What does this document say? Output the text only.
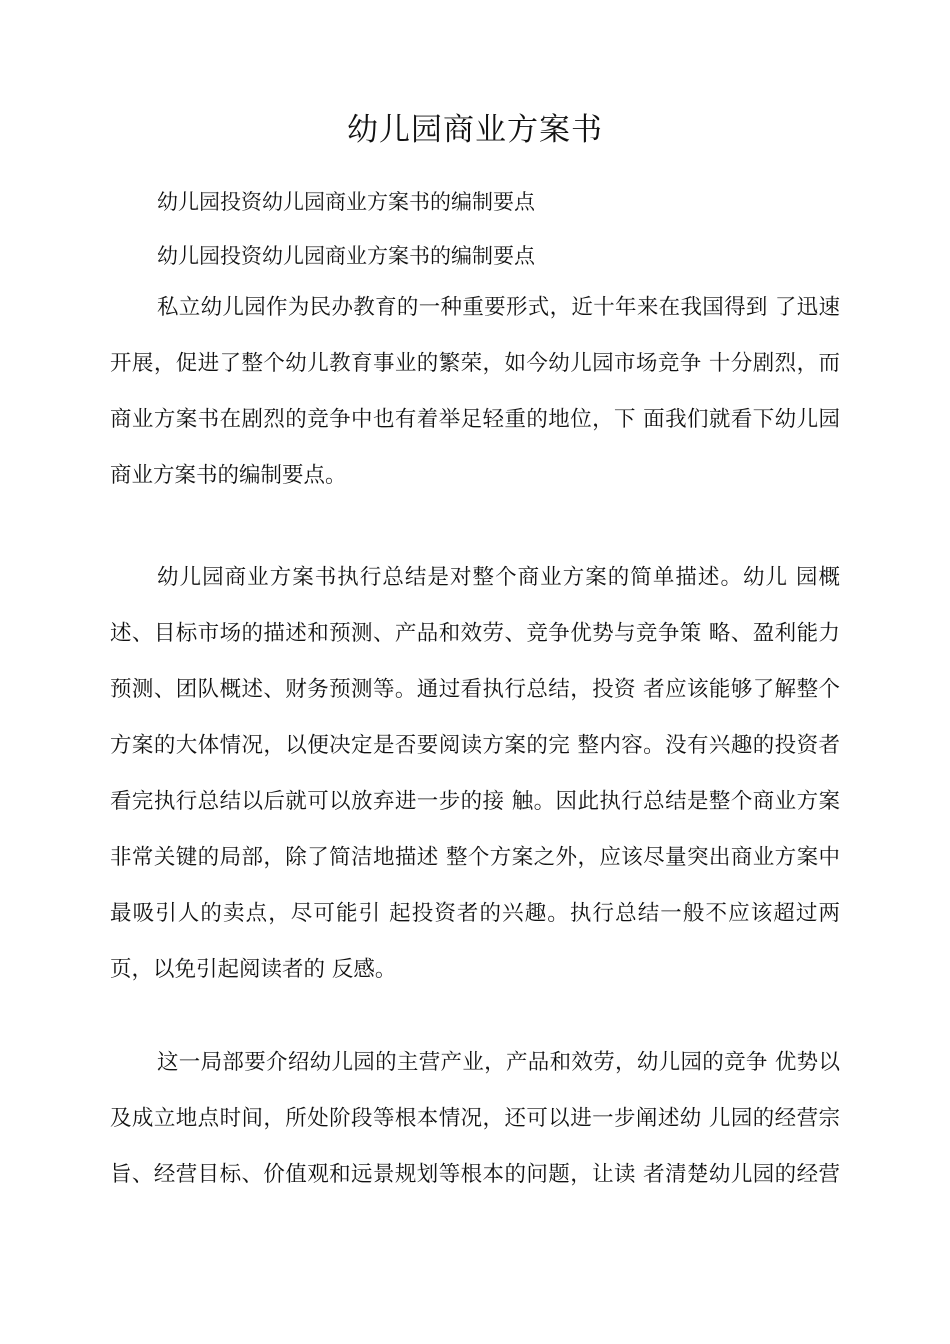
幼儿园商业方案书
幼儿园投资幼儿园商业方案书的编制要点
幼儿园投资幼儿园商业方案书的编制要点
私立幼儿园作为民办教育的一种重要形式，近十年来在我国得到 了迅速
开展，促进了整个幼儿教育事业的繁荣，如今幼儿园市场竞争 十分剧烈，而
商业方案书在剧烈的竞争中也有着举足轻重的地位，下 面我们就看下幼儿园
商业方案书的编制要点。
幼儿园商业方案书执行总结是对整个商业方案的简单描述。幼儿 园概
述、目标市场的描述和预测、产品和效劳、竞争优势与竞争策 略、盈利能力
预测、团队概述、财务预测等。通过看执行总结，投资 者应该能够了解整个
方案的大体情况，以便决定是否要阅读方案的完 整内容。没有兴趣的投资者
看完执行总结以后就可以放弃进一步的接 触。因此执行总结是整个商业方案
非常关键的局部，除了简洁地描述 整个方案之外，应该尽量突出商业方案中
最吸引人的卖点，尽可能引 起投资者的兴趣。执行总结一般不应该超过两
页，以免引起阅读者的 反感。
这一局部要介绍幼儿园的主营产业，产品和效劳，幼儿园的竞争 优势以
及成立地点时间，所处阶段等根本情况，还可以进一步阐述幼 儿园的经营宗
旨、经营目标、价值观和远景规划等根本的问题，让读 者清楚幼儿园的经营
